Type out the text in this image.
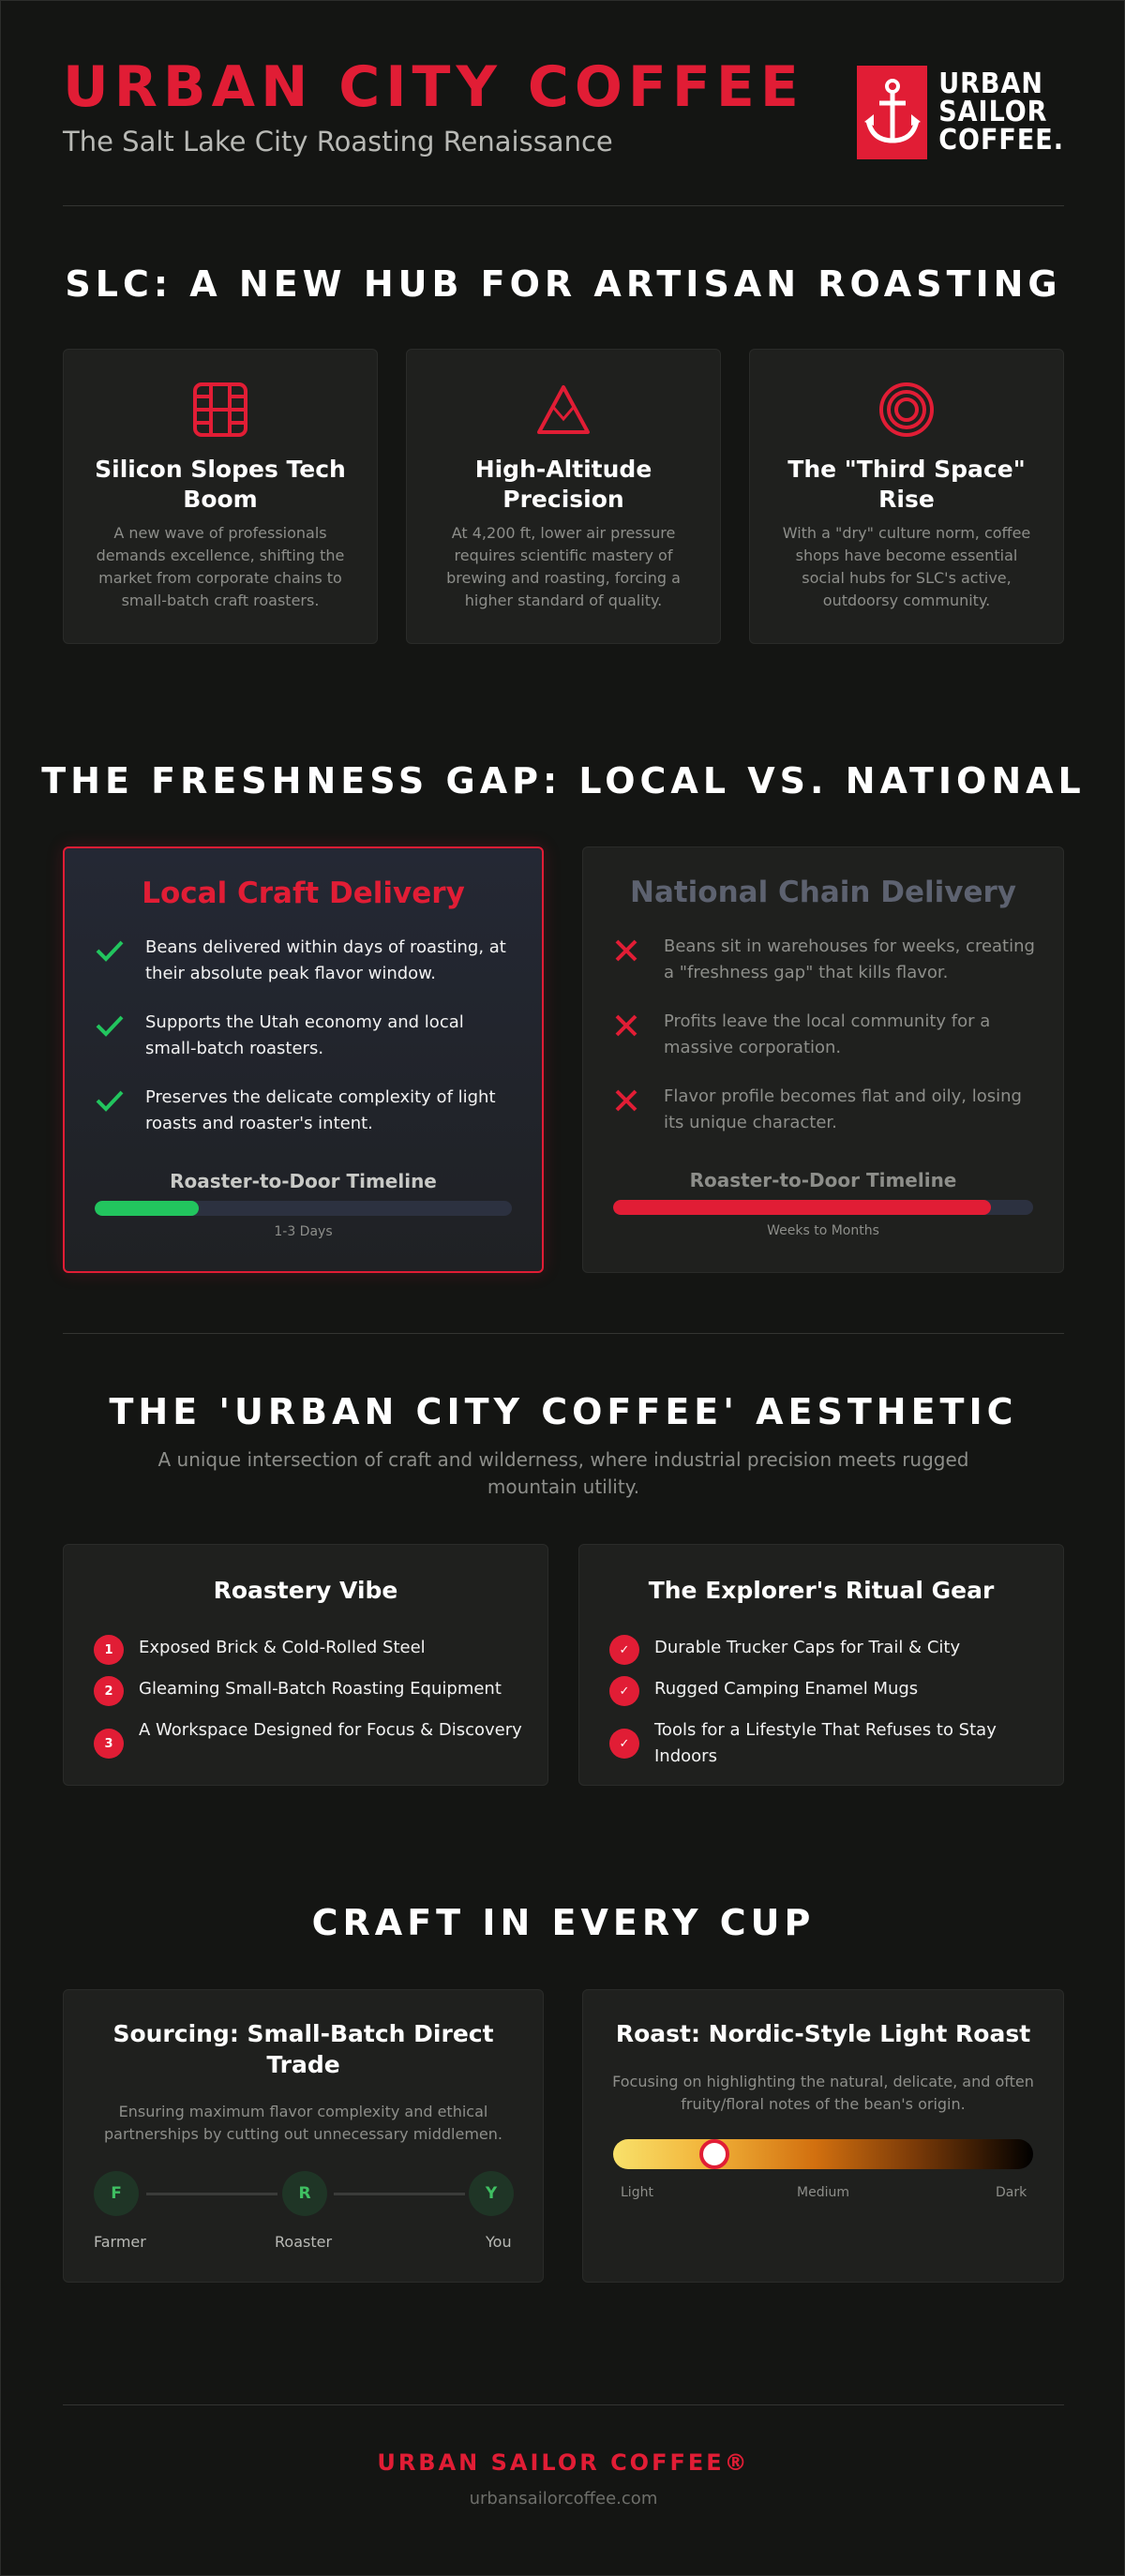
URBAN CITY COFFEE
The Salt Lake City Roasting Renaissance
URBAN
SAILOR
COFFEE.
SLC: A NEW HUB FOR ARTISAN ROASTING
Silicon Slopes Tech Boom

A new wave of professionals demands excellence, shifting the market from corporate chains to small-batch craft roasters.

High-Altitude Precision

At 4,200 ft, lower air pressure requires scientific mastery of brewing and roasting, forcing a higher standard of quality.

The "Third Space" Rise

With a "dry" culture norm, coffee shops have become essential social hubs for SLC's active, outdoorsy community.

THE FRESHNESS GAP: LOCAL VS. NATIONAL
Local Craft Delivery
Beans delivered within days of roasting, at their absolute peak flavor window.
Supports the Utah economy and local small-batch roasters.
Preserves the delicate complexity of light roasts and roaster's intent.
Roaster-to-Door Timeline
1-3 Days
National Chain Delivery
Beans sit in warehouses for weeks, creating a "freshness gap" that kills flavor.
Profits leave the local community for a massive corporation.
Flavor profile becomes flat and oily, losing its unique character.
Roaster-to-Door Timeline
Weeks to Months
THE 'URBAN CITY COFFEE' AESTHETIC
A unique intersection of craft and wilderness, where industrial precision meets rugged mountain utility.
Roastery Vibe
1	Exposed Brick & Cold-Rolled Steel
2	Gleaming Small-Batch Roasting Equipment
3
A Workspace Designed for Focus & Discovery
The Explorer's Ritual Gear
✓	Durable Trucker Caps for Trail & City
✓	Rugged Camping Enamel Mugs
✓
Tools for a Lifestyle That Refuses to Stay Indoors
CRAFT IN EVERY CUP
Sourcing: Small-Batch Direct Trade

Ensuring maximum flavor complexity and ethical partnerships by cutting out unnecessary middlemen.

F	R	Y
Farmer	Roaster	You
Roast: Nordic-Style Light Roast

Focusing on highlighting the natural, delicate, and often fruity/floral notes of the bean's origin.

Light	Medium	Dark
URBAN SAILOR COFFEE®
urbansailorcoffee.com
